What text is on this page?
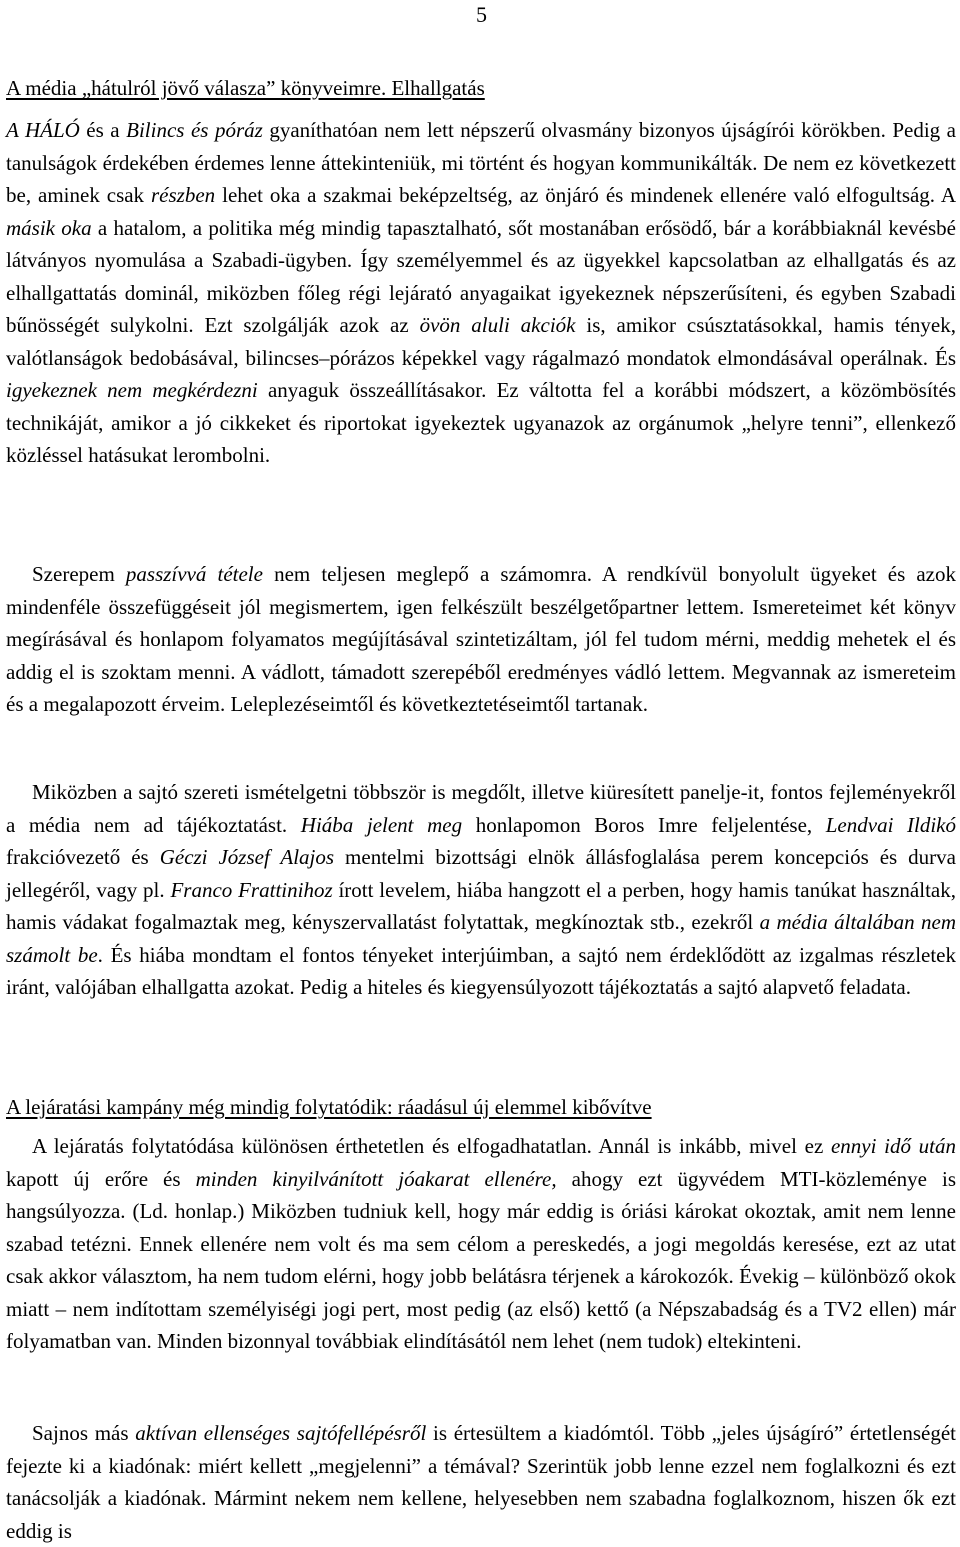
5
A média „hátulról jövő válasza” könyveimre. Elhallgatás

A HÁLÓ és a Bilincs és póráz gyaníthatóan nem lett népszerű olvasmány bizonyos újságírói körökben. Pedig a tanulságok érdekében érdemes lenne áttekinteniük, mi történt és hogyan kommunikálták. De nem ez következett be, aminek csak részben lehet oka a szakmai beképzeltség, az önjáró és mindenek ellenére való elfogultság. A másik oka a hatalom, a politika még mindig tapasztalható, sőt mostanában erősödő, bár a korábbiaknál kevésbé látványos nyomulása a Szabadi-ügyben. Így személyemmel és az ügyekkel kapcsolatban az elhallgatás és az elhallgattatás dominál, miközben főleg régi lejárató anyagaikat igyekeznek népszerűsíteni, és egyben Szabadi bűnösségét sulykolni. Ezt szolgálják azok az övön aluli akciók is, amikor csúsztatásokkal, hamis tények, valótlanságok bedobásával, bilincses–pórázos képekkel vagy rágalmazó mondatok elmondásával operálnak. És igyekeznek nem megkérdezni anyaguk összeállításakor. Ez váltotta fel a korábbi módszert, a közömbösítés technikáját, amikor a jó cikkeket és riportokat igyekeztek ugyanazok az orgánumok „helyre tenni”, ellenkező közléssel hatásukat lerombolni.

Szerepem passzívvá tétele nem teljesen meglepő a számomra. A rendkívül bonyolult ügyeket és azok mindenféle összefüggéseit jól megismertem, igen felkészült beszélgetőpartner lettem. Ismereteimet két könyv megírásával és honlapom folyamatos megújításával szintetizáltam, jól fel tudom mérni, meddig mehetek el és addig el is szoktam menni. A vádlott, támadott szerepéből eredményes vádló lettem. Megvannak az ismereteim és a megalapozott érveim. Leleplezéseimtől és következtetéseimtől tartanak.

Miközben a sajtó szereti ismételgetni többször is megdőlt, illetve kiüresített panelje-it, fontos fejleményekről a média nem ad tájékoztatást. Hiába jelent meg honlapomon Boros Imre feljelentése, Lendvai Ildikó frakcióvezető és Géczi József Alajos mentelmi bizottsági elnök állásfoglalása perem koncepciós és durva jellegéről, vagy pl. Franco Frattinihoz írott levelem, hiába hangzott el a perben, hogy hamis tanúkat használtak, hamis vádakat fogalmaztak meg, kényszervallatást folytattak, megkínoztak stb., ezekről a média általában nem számolt be. És hiába mondtam el fontos tényeket interjúimban, a sajtó nem érdeklődött az izgalmas részletek iránt, valójában elhallgatta azokat. Pedig a hiteles és kiegyensúlyozott tájékoztatás a sajtó alapvető feladata.

A lejáratási kampány még mindig folytatódik: ráadásul új elemmel kibővítve

A lejáratás folytatódása különösen érthetetlen és elfogadhatatlan. Annál is inkább, mivel ez ennyi idő után kapott új erőre és minden kinyilvánított jóakarat ellenére, ahogy ezt ügyvédem MTI-közleménye is hangsúlyozza. (Ld. honlap.) Miközben tudniuk kell, hogy már eddig is óriási károkat okoztak, amit nem lenne szabad tetézni. Ennek ellenére nem volt és ma sem célom a pereskedés, a jogi megoldás keresése, ezt az utat csak akkor választom, ha nem tudom elérni, hogy jobb belátásra térjenek a károkozók. Évekig – különböző okok miatt – nem indítottam személyiségi jogi pert, most pedig (az első) kettő (a Népszabadság és a TV2 ellen) már folyamatban van. Minden bizonnyal továbbiak elindításától nem lehet (nem tudok) eltekinteni.

Sajnos más aktívan ellenséges sajtófellépésről is értesültem a kiadómtól. Több „jeles újságíró” értetlenségét fejezte ki a kiadónak: miért kellett „megjelenni” a témával? Szerintük jobb lenne ezzel nem foglalkozni és ezt tanácsolják a kiadónak. Mármint nekem nem kellene, helyesebben nem szabadna foglalkoznom, hiszen ők ezt eddig is
